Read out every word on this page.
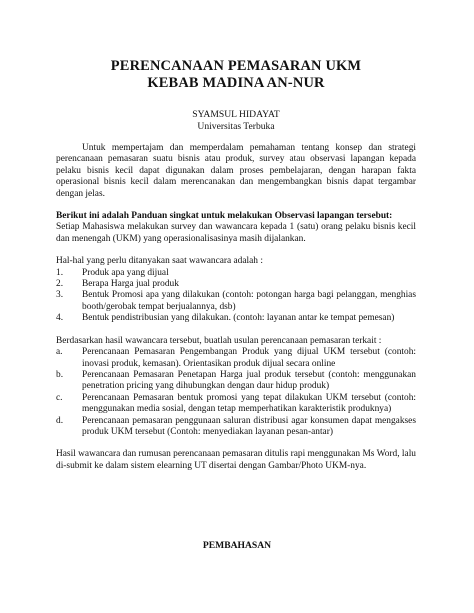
PERENCANAAN PEMASARAN UKM
KEBAB MADINA AN-NUR
SYAMSUL HIDAYAT
Universitas Terbuka

Untuk mempertajam dan memperdalam pemahaman tentang konsep dan strategi perencanaan pemasaran suatu bisnis atau produk, survey atau observasi lapangan kepada pelaku bisnis kecil dapat digunakan dalam proses pembelajaran, dengan harapan fakta operasional bisnis kecil dalam merencanakan dan mengembangkan bisnis dapat tergambar dengan jelas.

Berikut ini adalah Panduan singkat untuk melakukan Observasi lapangan tersebut:

Setiap Mahasiswa melakukan survey dan wawancara kepada 1 (satu) orang pelaku bisnis kecil dan menengah (UKM) yang operasionalisasinya masih dijalankan.

Hal-hal yang perlu ditanyakan saat wawancara adalah :

1.	Produk apa yang dijual
2.	Berapa Harga jual produk
3.	Bentuk Promosi apa yang dilakukan (contoh: potongan harga bagi pelanggan, menghias booth/gerobak tempat berjualannya, dsb)
4.	Bentuk pendistribusian yang dilakukan. (contoh: layanan antar ke tempat pemesan)

Berdasarkan hasil wawancara tersebut, buatlah usulan perencanaan pemasaran terkait :

a.	Perencanaan Pemasaran Pengembangan Produk yang dijual UKM tersebut (contoh: inovasi produk, kemasan). Orientasikan produk dijual secara online
b.	Perencanaan Pemasaran Penetapan Harga jual produk tersebut (contoh: menggunakan penetration pricing yang dihubungkan dengan daur hidup produk)
c.	Perencanaan Pemasaran bentuk promosi yang tepat dilakukan UKM tersebut (contoh: menggunakan media sosial, dengan tetap memperhatikan karakteristik produknya)
d.	Perencanaan pemasaran penggunaan saluran distribusi agar konsumen dapat mengakses produk UKM tersebut (Contoh: menyediakan layanan pesan-antar)

Hasil wawancara dan rumusan perencanaan pemasaran ditulis rapi menggunakan Ms Word, lalu di-submit ke dalam sistem elearning UT disertai dengan Gambar/Photo UKM-nya.

PEMBAHASAN
